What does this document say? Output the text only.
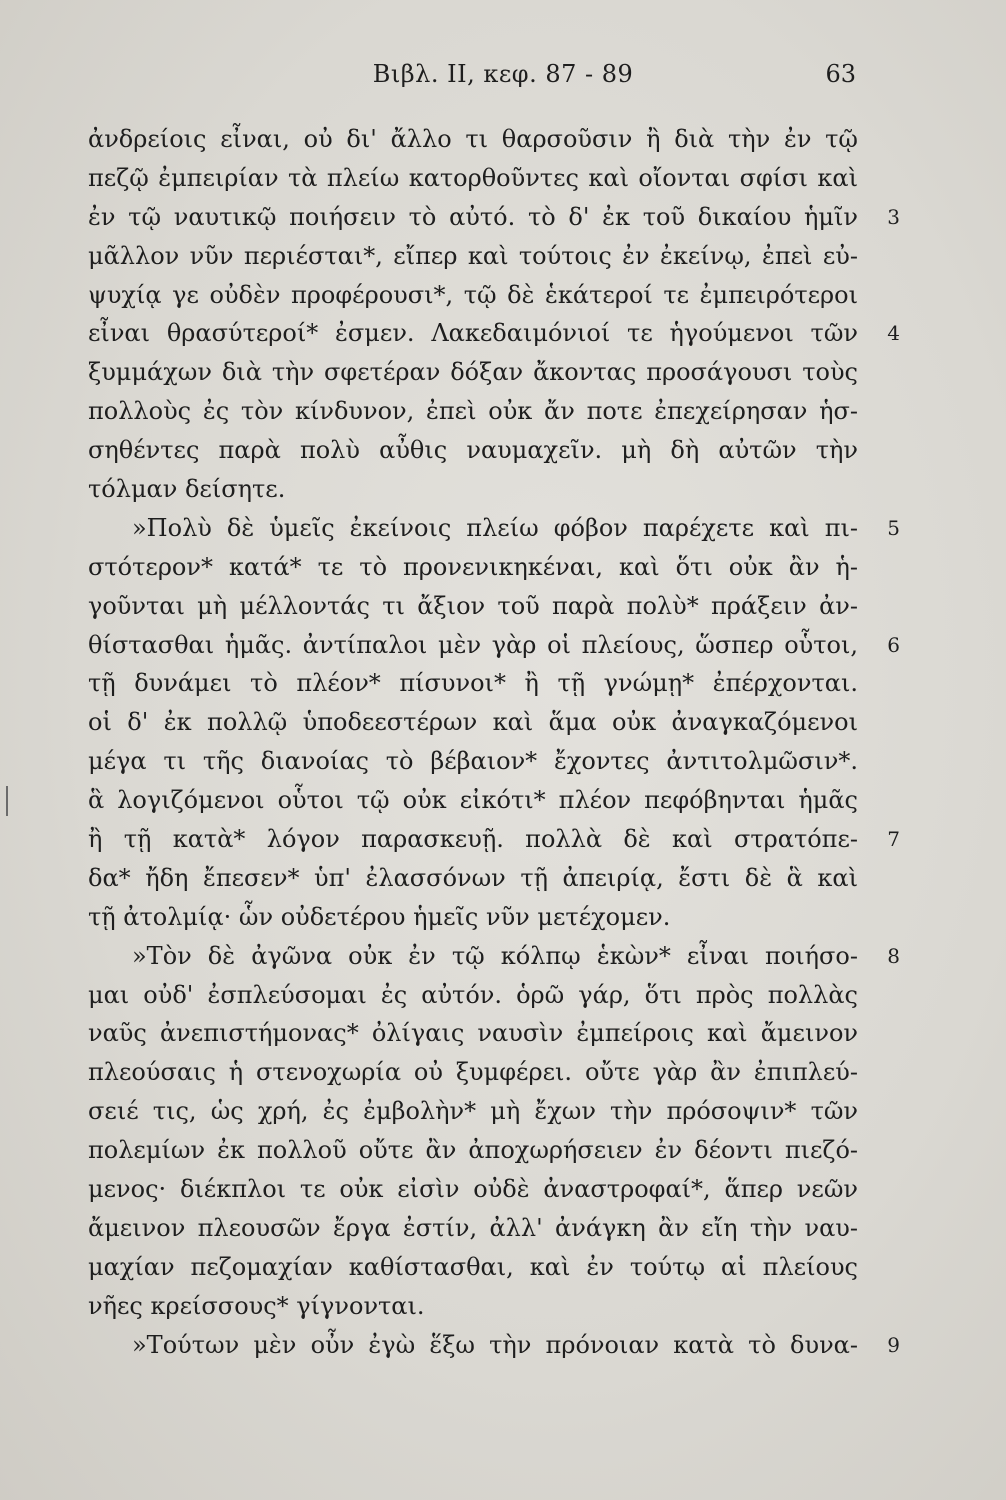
Βιβλ. II, κεφ. 87 - 89	63
ἀνδρείοις εἶναι, οὐ δι' ἄλλο τι θαρσοῦσιν ἢ διὰ τὴν ἐν τῷ
πεζῷ ἐμπειρίαν τὰ πλείω κατορθοῦντες καὶ οἴονται σφίσι καὶ
ἐν τῷ ναυτικῷ ποιήσειν τὸ αὐτό. τὸ δ' ἐκ τοῦ δικαίου ἡμῖν	3
μᾶλλον νῦν περιέσται*, εἴπερ καὶ τούτοις ἐν ἐκείνῳ, ἐπεὶ εὐ-
ψυχίᾳ γε οὐδὲν προφέρουσι*, τῷ δὲ ἑκάτεροί τε ἐμπειρότεροι
εἶναι θρασύτεροί* ἐσμεν. Λακεδαιμόνιοί τε ἡγούμενοι τῶν	4
ξυμμάχων διὰ τὴν σφετέραν δόξαν ἄκοντας προσάγουσι τοὺς
πολλοὺς ἐς τὸν κίνδυνον, ἐπεὶ οὐκ ἄν ποτε ἐπεχείρησαν ἡσ-
σηθέντες παρὰ πολὺ αὖθις ναυμαχεῖν. μὴ δὴ αὐτῶν τὴν
τόλμαν δείσητε.
»Πολὺ δὲ ὑμεῖς ἐκείνοις πλείω φόβον παρέχετε καὶ πι-	5
στότερον* κατά* τε τὸ προνενικηκέναι, καὶ ὅτι οὐκ ἂν ἡ-
γοῦνται μὴ μέλλοντάς τι ἄξιον τοῦ παρὰ πολὺ* πράξειν ἀν-
θίστασθαι ἡμᾶς. ἀντίπαλοι μὲν γὰρ οἱ πλείους, ὥσπερ οὗτοι,	6
τῇ δυνάμει τὸ πλέον* πίσυνοι* ἢ τῇ γνώμῃ* ἐπέρχονται.
οἱ δ' ἐκ πολλῷ ὑποδεεστέρων καὶ ἅμα οὐκ ἀναγκαζόμενοι
μέγα τι τῆς διανοίας τὸ βέβαιον* ἔχοντες ἀντιτολμῶσιν*.
ἃ λογιζόμενοι οὗτοι τῷ οὐκ εἰκότι* πλέον πεφόβηνται ἡμᾶς
ἢ τῇ κατὰ* λόγον παρασκευῇ. πολλὰ δὲ καὶ στρατόπε-	7
δα* ἤδη ἔπεσεν* ὑπ' ἐλασσόνων τῇ ἀπειρίᾳ, ἔστι δὲ ἃ καὶ
τῇ ἀτολμίᾳ· ὧν οὐδετέρου ἡμεῖς νῦν μετέχομεν.
»Τὸν δὲ ἀγῶνα οὐκ ἐν τῷ κόλπῳ ἑκὼν* εἶναι ποιήσο-	8
μαι οὐδ' ἐσπλεύσομαι ἐς αὐτόν. ὁρῶ γάρ, ὅτι πρὸς πολλὰς
ναῦς ἀνεπιστήμονας* ὀλίγαις ναυσὶν ἐμπείροις καὶ ἄμεινον
πλεούσαις ἡ στενοχωρία οὐ ξυμφέρει. οὔτε γὰρ ἂν ἐπιπλεύ-
σειέ τις, ὡς χρή, ἐς ἐμβολὴν* μὴ ἔχων τὴν πρόσοψιν* τῶν
πολεμίων ἐκ πολλοῦ οὔτε ἂν ἀποχωρήσειεν ἐν δέοντι πιεζό-
μενος· διέκπλοι τε οὐκ εἰσὶν οὐδὲ ἀναστροφαί*, ἅπερ νεῶν
ἄμεινον πλεουσῶν ἔργα ἐστίν, ἀλλ' ἀνάγκη ἂν εἴη τὴν ναυ-
μαχίαν πεζομαχίαν καθίστασθαι, καὶ ἐν τούτῳ αἱ πλείους
νῆες κρείσσους* γίγνονται.
»Τούτων μὲν οὖν ἐγὼ ἕξω τὴν πρόνοιαν κατὰ τὸ δυνα-	9
